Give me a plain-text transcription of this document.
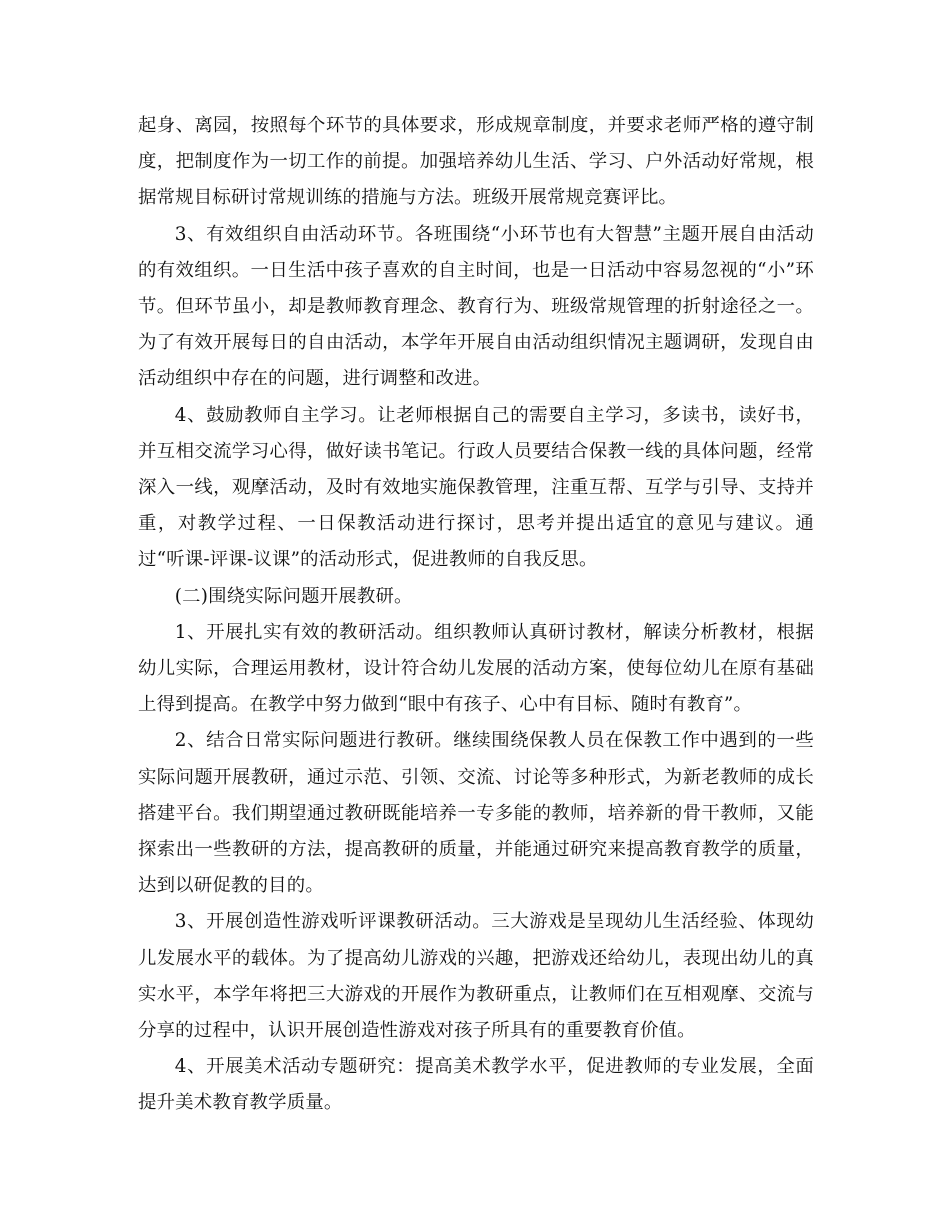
起身、离园，按照每个环节的具体要求，形成规章制度，并要求老师严格的遵守制度，把制度作为一切工作的前提。加强培养幼儿生活、学习、户外活动好常规，根据常规目标研讨常规训练的措施与方法。班级开展常规竞赛评比。

3、有效组织自由活动环节。各班围绕“小环节也有大智慧”主题开展自由活动的有效组织。一日生活中孩子喜欢的自主时间，也是一日活动中容易忽视的“小”环节。但环节虽小，却是教师教育理念、教育行为、班级常规管理的折射途径之一。为了有效开展每日的自由活动，本学年开展自由活动组织情况主题调研，发现自由活动组织中存在的问题，进行调整和改进。

4、鼓励教师自主学习。让老师根据自己的需要自主学习，多读书，读好书，并互相交流学习心得，做好读书笔记。行政人员要结合保教一线的具体问题，经常深入一线，观摩活动，及时有效地实施保教管理，注重互帮、互学与引导、支持并重，对教学过程、一日保教活动进行探讨，思考并提出适宜的意见与建议。通过“听课-评课-议课”的活动形式，促进教师的自我反思。

(二)围绕实际问题开展教研。

1、开展扎实有效的教研活动。组织教师认真研讨教材，解读分析教材，根据幼儿实际，合理运用教材，设计符合幼儿发展的活动方案，使每位幼儿在原有基础上得到提高。在教学中努力做到“眼中有孩子、心中有目标、随时有教育”。

2、结合日常实际问题进行教研。继续围绕保教人员在保教工作中遇到的一些实际问题开展教研，通过示范、引领、交流、讨论等多种形式，为新老教师的成长搭建平台。我们期望通过教研既能培养一专多能的教师，培养新的骨干教师，又能探索出一些教研的方法，提高教研的质量，并能通过研究来提高教育教学的质量，达到以研促教的目的。

3、开展创造性游戏听评课教研活动。三大游戏是呈现幼儿生活经验、体现幼儿发展水平的载体。为了提高幼儿游戏的兴趣，把游戏还给幼儿，表现出幼儿的真实水平，本学年将把三大游戏的开展作为教研重点，让教师们在互相观摩、交流与分享的过程中，认识开展创造性游戏对孩子所具有的重要教育价值。

4、开展美术活动专题研究：提高美术教学水平，促进教师的专业发展，全面提升美术教育教学质量。
